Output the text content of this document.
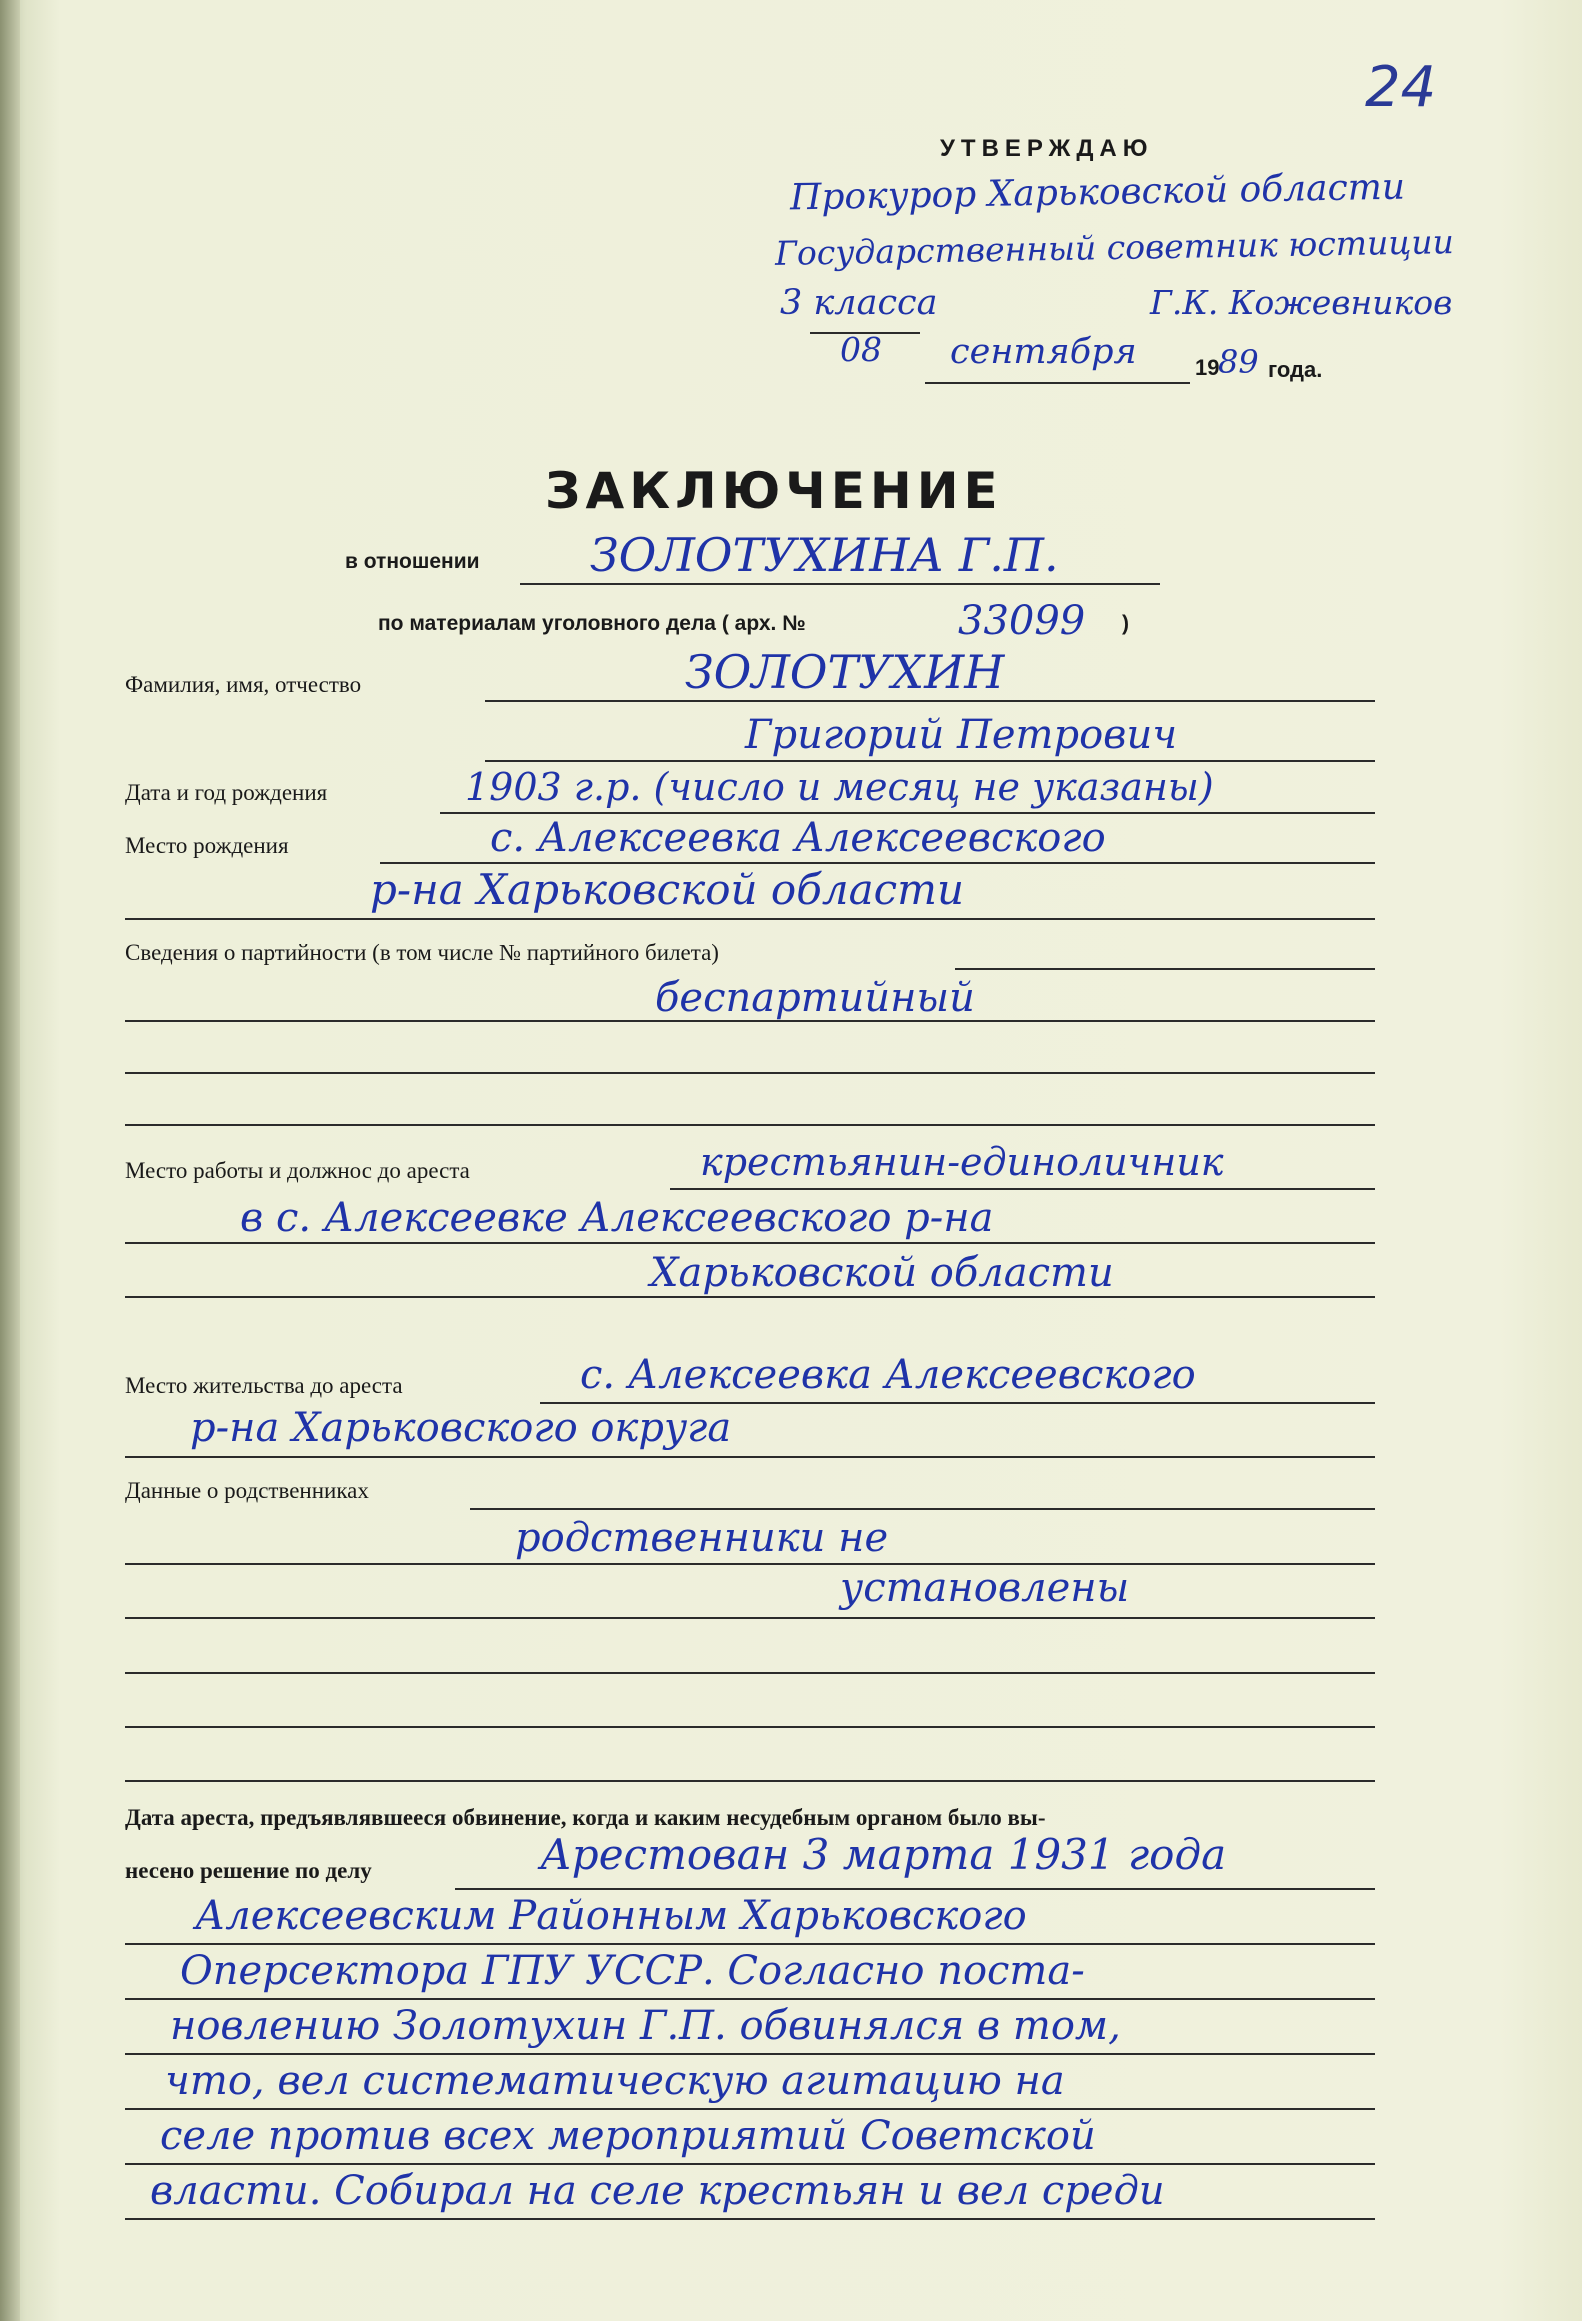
24
УТВЕРЖДАЮ
Прокурор Харьковской области
Государственный советник юстиции
3 класса	Г.К. Кожевников
08 сентября	19
89 года.
ЗАКЛЮЧЕНИЕ
в отношении ЗОЛОТУХИНА Г.П.
по материалам уголовного дела ( арх. №	33099 )
Фамилия, имя, отчество	ЗОЛОТУХИН
Григорий Петрович
Дата и год рождения	1903 г.р. (число и месяц не указаны)
Место рождения	с. Алексеевка Алексеевского
р-на Харьковской области
Сведения о партийности (в том числе № партийного билета)
беспартийный
Место работы и должнос до ареста	крестьянин-единоличник
в с. Алексеевке Алексеевского р-на
Харьковской области
Место жительства до ареста	с. Алексеевка Алексеевского
р-на Харьковского округа
Данные о родственниках
родственники не
установлены
Дата ареста, предъявлявшееся обвинение, когда и каким несудебным органом было вы-
несено решение по делу	Арестован 3 марта 1931 года
Алексеевским Районным Харьковского
Оперсектора ГПУ УССР. Согласно поста-
новлению Золотухин Г.П. обвинялся в том,
что, вел систематическую агитацию на
селе против всех мероприятий Советской
власти. Собирал на селе крестьян и вел среди
